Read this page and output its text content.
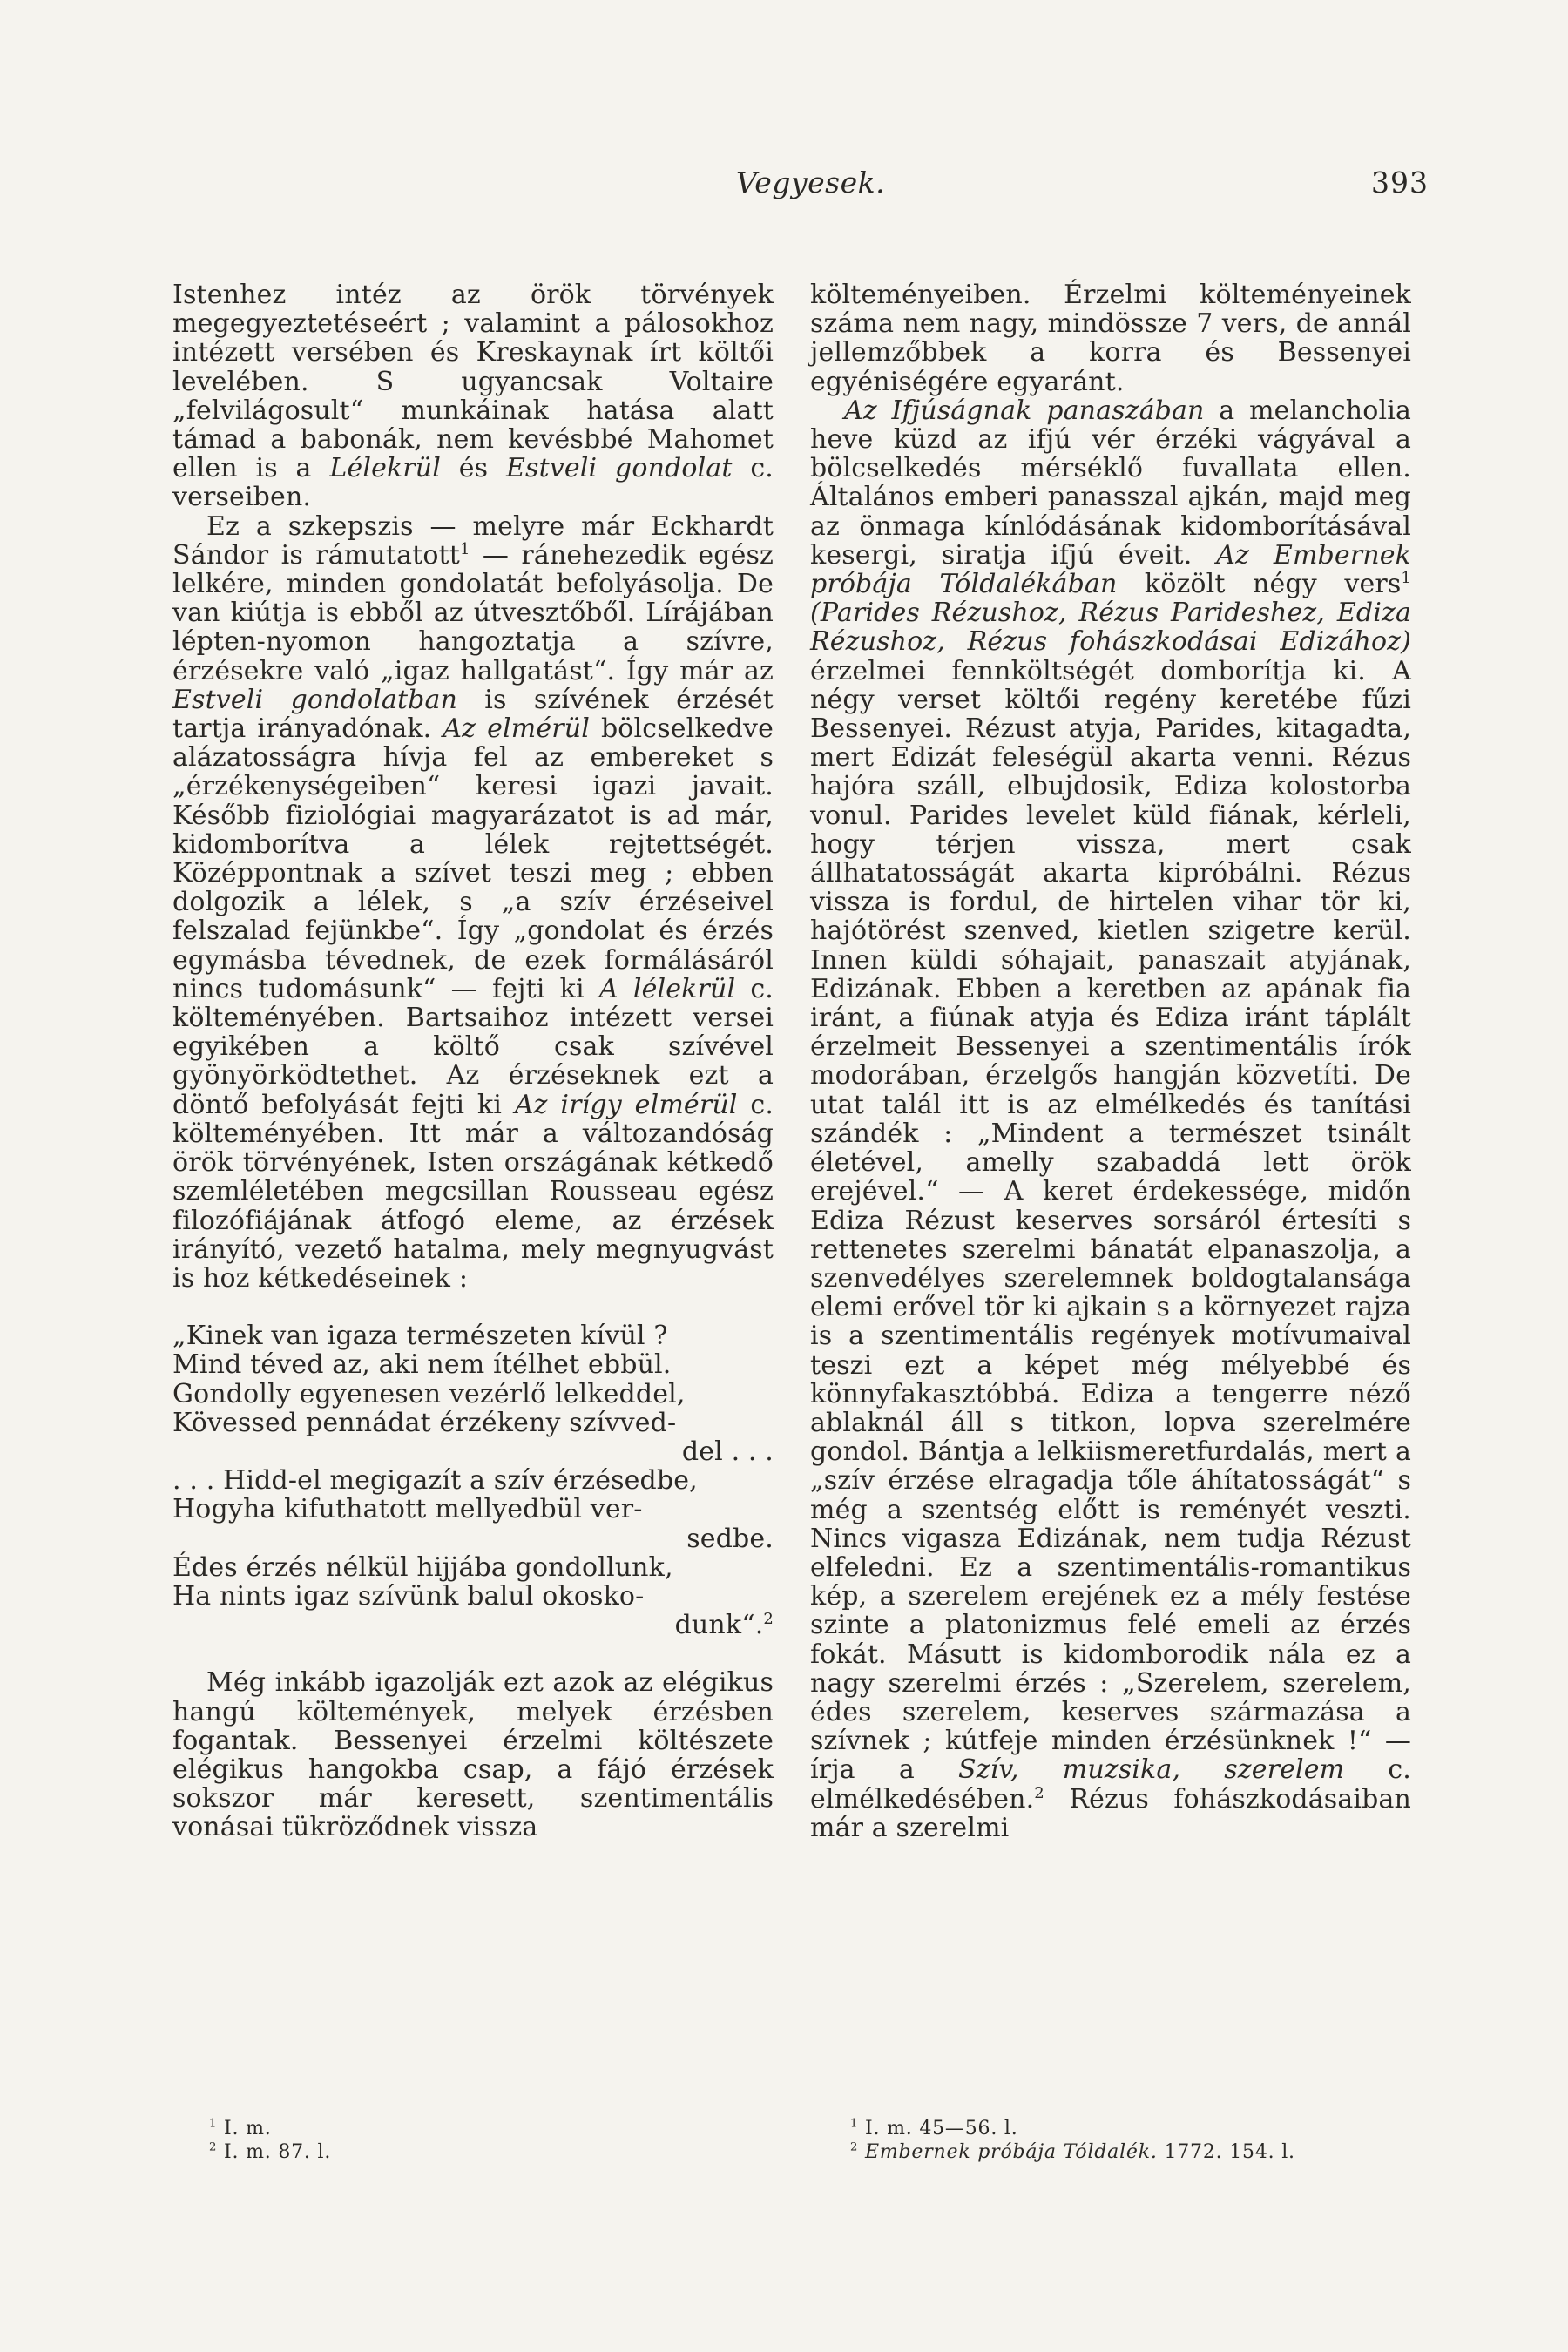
Vegyesek.	393

Istenhez intéz az örök törvények megegyeztetéseért ; valamint a pálosokhoz intézett versében és Kreskaynak írt költői levelében. S ugyancsak Voltaire „felvilágosult“ munkáinak hatása alatt támad a babonák, nem kevésbbé Mahomet ellen is a Lélekrül és Estveli gondolat c. verseiben.

Ez a szkepszis — melyre már Eckhardt Sándor is rámutatott$^1$ — ránehezedik egész lelkére, minden gondolatát befolyásolja. De van kiútja is ebből az útvesztőből. Lírájában lépten-nyomon hangoztatja a szívre, érzésekre való „igaz hallgatást“. Így már az Estveli gondolatban is szívének érzését tartja irányadónak. Az elmérül bölcselkedve alázatosságra hívja fel az embereket s „érzékenységeiben“ keresi igazi javait. Később fiziológiai magyarázatot is ad már, kidomborítva a lélek rejtettségét. Középpontnak a szívet teszi meg ; ebben dolgozik a lélek, s „a szív érzéseivel felszalad fejünkbe“. Így „gondolat és érzés egymásba tévednek, de ezek formálásáról nincs tudomásunk“ — fejti ki A lélekrül c. költeményében. Bartsaihoz intézett versei egyikében a költő csak szívével gyönyörködtethet. Az érzéseknek ezt a döntő befolyását fejti ki Az irígy elmérül c. költeményében. Itt már a változandóság örök törvényének, Isten országának kétkedő szemléletében megcsillan Rousseau egész filozófiájának átfogó eleme, az érzések irányító, vezető hatalma, mely megnyugvást is hoz kétkedéseinek :

„Kinek van igaza természeten kívül ?
Mind téved az, aki nem ítélhet ebbül.
Gondolly egyenesen vezérlő lelkeddel,
Kövessed pennádat érzékeny szívved-
del . . .
. . . Hidd-el megigazít a szív érzésedbe,
Hogyha kifuthatott mellyedbül ver-
sedbe.
Édes érzés nélkül hijjába gondollunk,
Ha nints igaz szívünk balul okosko-
dunk“.$^2$

Még inkább igazolják ezt azok az elégikus hangú költemények, melyek érzésben fogantak. Bessenyei érzelmi költészete elégikus hangokba csap, a fájó érzések sokszor már keresett, szentimentális vonásai tükröződnek vissza

költeményeiben. Érzelmi költeményeinek száma nem nagy, mindössze 7 vers, de annál jellemzőbbek a korra és Bessenyei egyéniségére egyaránt.

Az Ifjúságnak panaszában a melancholia heve küzd az ifjú vér érzéki vágyával a bölcselkedés mérséklő fuvallata ellen. Általános emberi panasszal ajkán, majd meg az önmaga kínlódásának kidomborításával kesergi, siratja ifjú éveit. Az Embernek próbája Tóldalékában közölt négy vers$^1$ (Parides Rézushoz, Rézus Parideshez, Ediza Rézushoz, Rézus fohászkodásai Edizához) érzelmei fennköltségét domborítja ki. A négy verset költői regény keretébe fűzi Bessenyei. Rézust atyja, Parides, kitagadta, mert Edizát feleségül akarta venni. Rézus hajóra száll, elbujdosik, Ediza kolostorba vonul. Parides levelet küld fiának, kérleli, hogy térjen vissza, mert csak állhatatosságát akarta kipróbálni. Rézus vissza is fordul, de hirtelen vihar tör ki, hajótörést szenved, kietlen szigetre kerül. Innen küldi sóhajait, panaszait atyjának, Edizának. Ebben a keretben az apának fia iránt, a fiúnak atyja és Ediza iránt táplált érzelmeit Bessenyei a szentimentális írók modorában, érzelgős hangján közvetíti. De utat talál itt is az elmélkedés és tanítási szándék : „Mindent a természet tsinált életével, amelly szabaddá lett örök erejével.“ — A keret érdekessége, midőn Ediza Rézust keserves sorsáról értesíti s rettenetes szerelmi bánatát elpanaszolja, a szenvedélyes szerelemnek boldogtalansága elemi erővel tör ki ajkain s a környezet rajza is a szentimentális regények motívumaival teszi ezt a képet még mélyebbé és könnyfakasztóbbá. Ediza a tengerre néző ablaknál áll s titkon, lopva szerelmére gondol. Bántja a lelkiismeretfurdalás, mert a „szív érzése elragadja tőle áhítatosságát“ s még a szentség előtt is reményét veszti. Nincs vigasza Edizának, nem tudja Rézust elfeledni. Ez a szentimentális-romantikus kép, a szerelem erejének ez a mély festése szinte a platonizmus felé emeli az érzés fokát. Másutt is kidomborodik nála ez a nagy szerelmi érzés : „Szerelem, szerelem, édes szerelem, keserves származása a szívnek ; kútfeje minden érzésünknek !“ — írja a Szív, muzsika, szerelem c. elmélkedésében.$^2$ Rézus fohászkodásaiban már a szerelmi

$^1$ I. m.
$^2$ I. m. 87. l.
$^1$ I. m. 45—56. l.
$^2$ Embernek próbája Tóldalék. 1772. 154. l.
